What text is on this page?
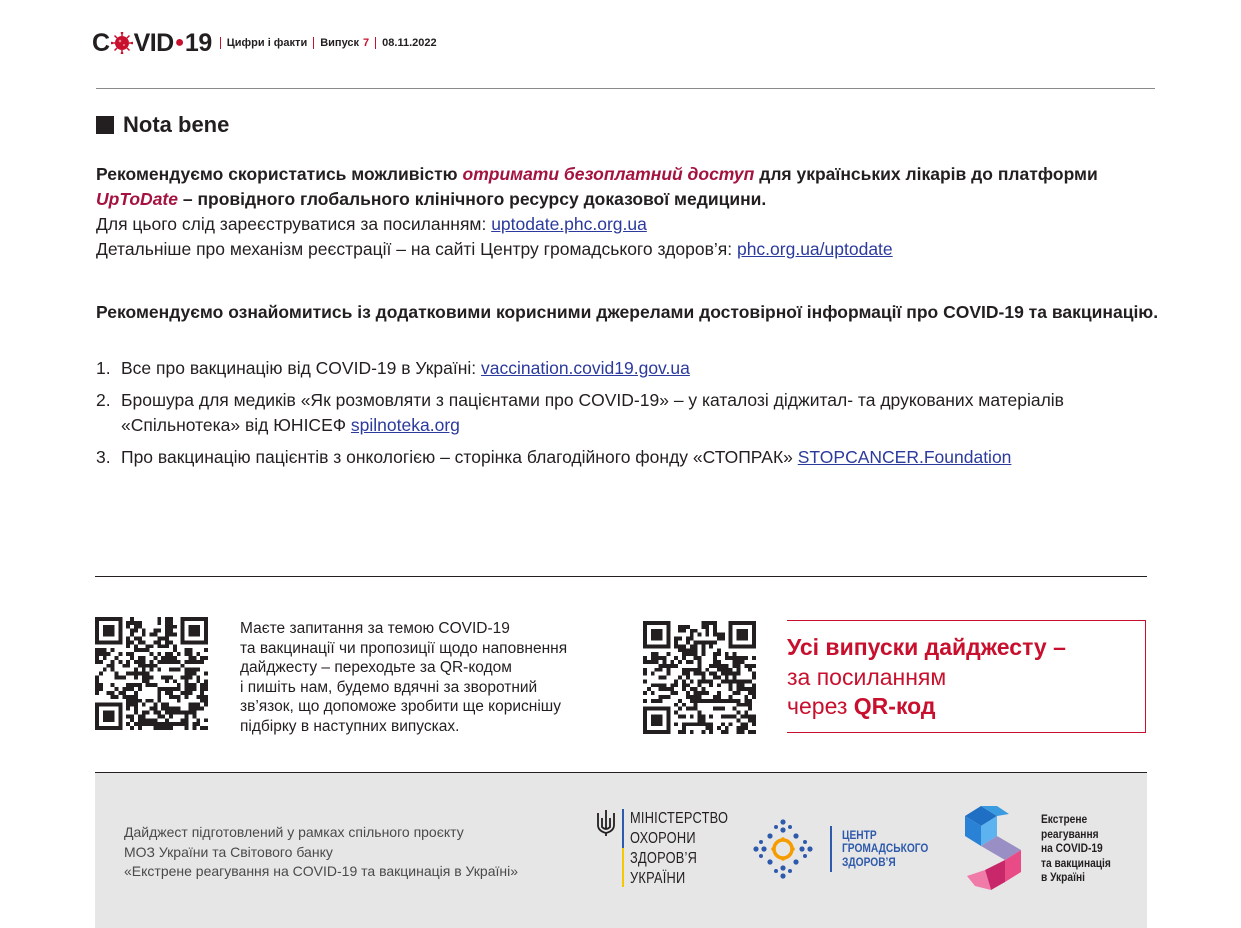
C VID ● 19 Цифри і факти Випуск 7 08.11.2022
Nota bene
Рекомендуємо скористатись можливістю отримати безоплатний доступ для українських лікарів до платформи UpToDate – провідного глобального клінічного ресурсу доказової медицини.
Для цього слід зареєструватися за посиланням: uptodate.phc.org.ua
Детальніше про механізм реєстрації – на сайті Центру громадського здоров’я: phc.org.ua/uptodate
Рекомендуємо ознайомитись із додатковими корисними джерелами достовірної інформації про COVID-19 та вакцинацію.
1. Все про вакцинацію від COVID-19 в Україні: vaccination.covid19.gov.ua
2. Брошура для медиків «Як розмовляти з пацієнтами про COVID-19» – у каталозі діджитал- та друкованих матеріалів «Спільнотека» від ЮНІСЕФ spilnoteka.org
3. Про вакцинацію пацієнтів з онкологією – сторінка благодійного фонду «СТОПРАК» STOPCANCER.Foundation
Маєте запитання за темою COVID-19
та вакцинації чи пропозиції щодо наповнення
дайджесту – переходьте за QR-кодом
і пишіть нам, будемо вдячні за зворотний
зв’язок, що допоможе зробити ще кориснішу
підбірку в наступних випусках.
Усі випуски дайджесту –
за посиланням
через QR-код
Дайджест підготовлений у рамках спільного проєкту
МОЗ України та Світового банку
«Екстрене реагування на COVID-19 та вакцинація в Україні»
МІНІСТЕРСТВО
ОХОРОНИ
ЗДОРОВ’Я
УКРАЇНИ
ЦЕНТР
ГРОМАДСЬКОГО
ЗДОРОВ’Я
Екстрене
реагування
на COVID-19
та вакцинація
в Україні
